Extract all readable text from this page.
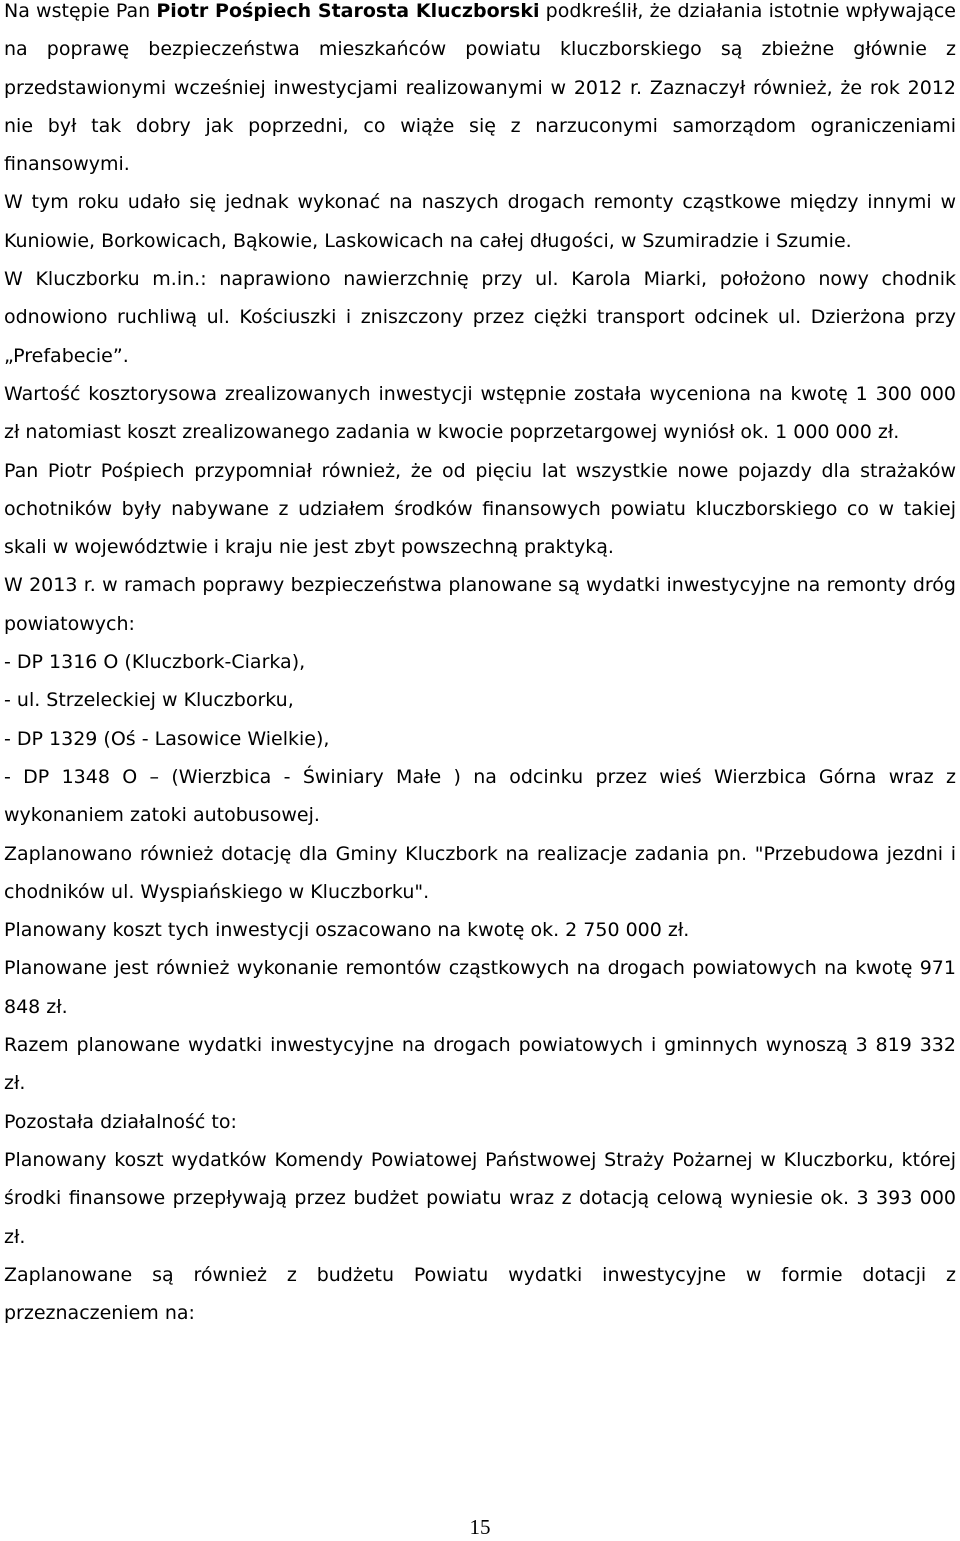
Na wstępie Pan Piotr Pośpiech Starosta Kluczborski podkreślił, że działania istotnie wpływające na poprawę bezpieczeństwa mieszkańców powiatu kluczborskiego są zbieżne głównie z przedstawionymi wcześniej inwestycjami realizowanymi w 2012 r. Zaznaczył również, że rok 2012 nie był tak dobry jak poprzedni, co wiąże się z narzuconymi samorządom ograniczeniami finansowymi.

W tym roku udało się jednak wykonać na naszych drogach remonty cząstkowe między innymi w Kuniowie, Borkowicach, Bąkowie, Laskowicach na całej długości, w Szumiradzie i Szumie.

W Kluczborku m.in.: naprawiono nawierzchnię przy ul. Karola Miarki, położono nowy chodnik odnowiono ruchliwą ul. Kościuszki i zniszczony przez ciężki transport odcinek ul. Dzierżona przy „Prefabecie”.

Wartość kosztorysowa zrealizowanych inwestycji wstępnie została wyceniona na kwotę 1 300 000 zł natomiast koszt zrealizowanego zadania w kwocie poprzetargowej wyniósł ok. 1 000 000 zł.

Pan Piotr Pośpiech przypomniał również, że od pięciu lat wszystkie nowe pojazdy dla strażaków ochotników były nabywane z udziałem środków finansowych powiatu kluczborskiego co w takiej skali w województwie i kraju nie jest zbyt powszechną praktyką.

W 2013 r. w ramach poprawy bezpieczeństwa planowane są wydatki inwestycyjne na remonty dróg powiatowych:

- DP 1316 O (Kluczbork-Ciarka),

- ul. Strzeleckiej w Kluczborku,

- DP 1329 (Oś - Lasowice Wielkie),

- DP 1348 O – (Wierzbica - Świniary Małe ) na odcinku przez wieś Wierzbica Górna wraz z wykonaniem zatoki autobusowej.

Zaplanowano również dotację dla Gminy Kluczbork na realizacje zadania pn. "Przebudowa jezdni i chodników ul. Wyspiańskiego w Kluczborku".

Planowany koszt tych inwestycji oszacowano na kwotę ok. 2 750 000 zł.

Planowane jest również wykonanie remontów cząstkowych na drogach powiatowych na kwotę 971 848 zł.

Razem planowane wydatki inwestycyjne na drogach powiatowych i gminnych wynoszą 3 819 332 zł.

Pozostała działalność to:

Planowany koszt wydatków Komendy Powiatowej Państwowej Straży Pożarnej w Kluczborku, której środki finansowe przepływają przez budżet powiatu wraz z dotacją celową wyniesie ok. 3 393 000 zł.

Zaplanowane są również z budżetu Powiatu wydatki inwestycyjne w formie dotacji z przeznaczeniem na:

15
